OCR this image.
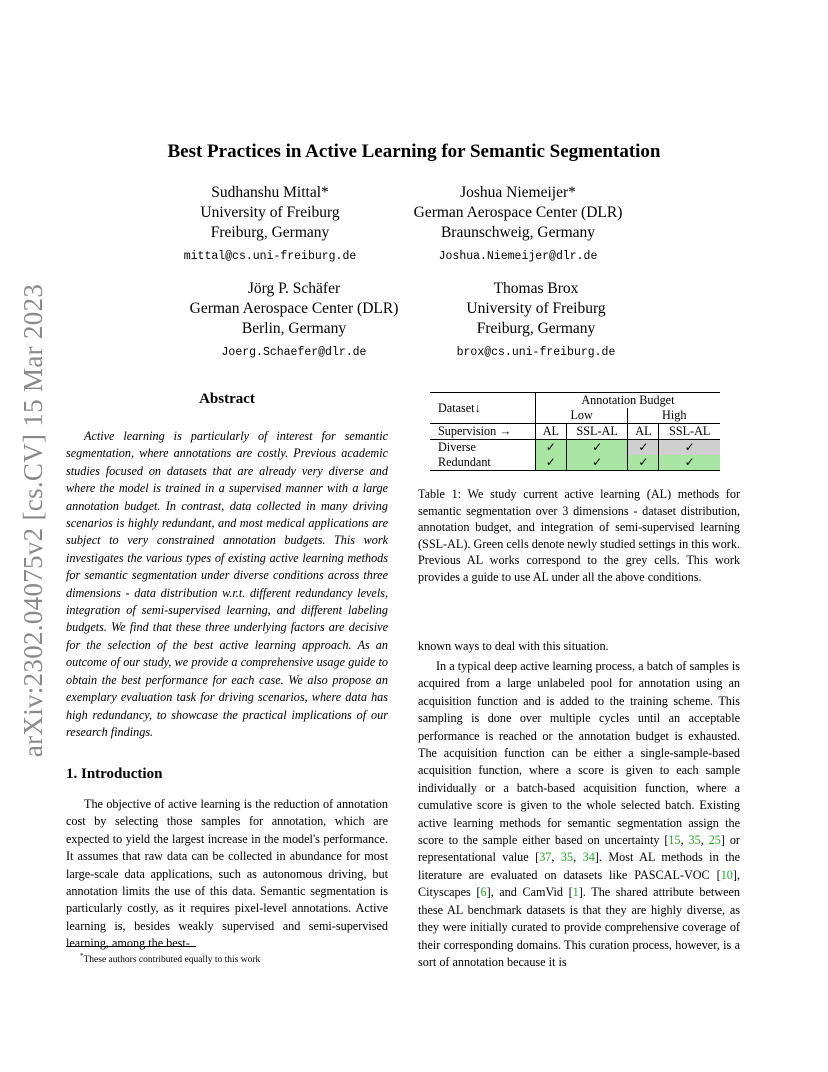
arXiv:2302.04075v2 [cs.CV] 15 Mar 2023
Best Practices in Active Learning for Semantic Segmentation
Sudhanshu Mittal*
University of Freiburg
Freiburg, Germany
mittal@cs.uni-freiburg.de
Joshua Niemeijer*
German Aerospace Center (DLR)
Braunschweig, Germany
Joshua.Niemeijer@dlr.de
Jörg P. Schäfer
German Aerospace Center (DLR)
Berlin, Germany
Joerg.Schaefer@dlr.de
Thomas Brox
University of Freiburg
Freiburg, Germany
brox@cs.uni-freiburg.de
Abstract

Active learning is particularly of interest for semantic segmentation, where annotations are costly. Previous academic studies focused on datasets that are already very diverse and where the model is trained in a supervised manner with a large annotation budget. In contrast, data collected in many driving scenarios is highly redundant, and most medical applications are subject to very constrained annotation budgets. This work investigates the various types of existing active learning methods for semantic segmentation under diverse conditions across three dimensions - data distribution w.r.t. different redundancy levels, integration of semi-supervised learning, and different labeling budgets. We find that these three underlying factors are decisive for the selection of the best active learning approach. As an outcome of our study, we provide a comprehensive usage guide to obtain the best performance for each case. We also propose an exemplary evaluation task for driving scenarios, where data has high redundancy, to showcase the practical implications of our research findings.

1. Introduction

The objective of active learning is the reduction of annotation cost by selecting those samples for annotation, which are expected to yield the largest increase in the model's performance. It assumes that raw data can be collected in abundance for most large-scale data applications, such as autonomous driving, but annotation limits the use of this data. Semantic segmentation is particularly costly, as it requires pixel-level annotations. Active learning is, besides weakly supervised and semi-supervised learning, among the best-

*These authors contributed equally to this work
Dataset↓	Annotation Budget			
	Low		High	
Supervision →	AL	SSL-AL	AL	SSL-AL
Diverse	✓	✓	✓	✓
Redundant	✓	✓	✓	✓

Table 1: We study current active learning (AL) methods for semantic segmentation over 3 dimensions - dataset distribution, annotation budget, and integration of semi-supervised learning (SSL-AL). Green cells denote newly studied settings in this work. Previous AL works correspond to the grey cells. This work provides a guide to use AL under all the above conditions.

known ways to deal with this situation.

In a typical deep active learning process, a batch of samples is acquired from a large unlabeled pool for annotation using an acquisition function and is added to the training scheme. This sampling is done over multiple cycles until an acceptable performance is reached or the annotation budget is exhausted. The acquisition function can be either a single-sample-based acquisition function, where a score is given to each sample individually or a batch-based acquisition function, where a cumulative score is given to the whole selected batch. Existing active learning methods for semantic segmentation assign the score to the sample either based on uncertainty [15, 35, 25] or representational value [37, 35, 34]. Most AL methods in the literature are evaluated on datasets like PASCAL-VOC [10], Cityscapes [6], and CamVid [1]. The shared attribute between these AL benchmark datasets is that they are highly diverse, as they were initially curated to provide comprehensive coverage of their corresponding domains. This curation process, however, is a sort of annotation because it is
